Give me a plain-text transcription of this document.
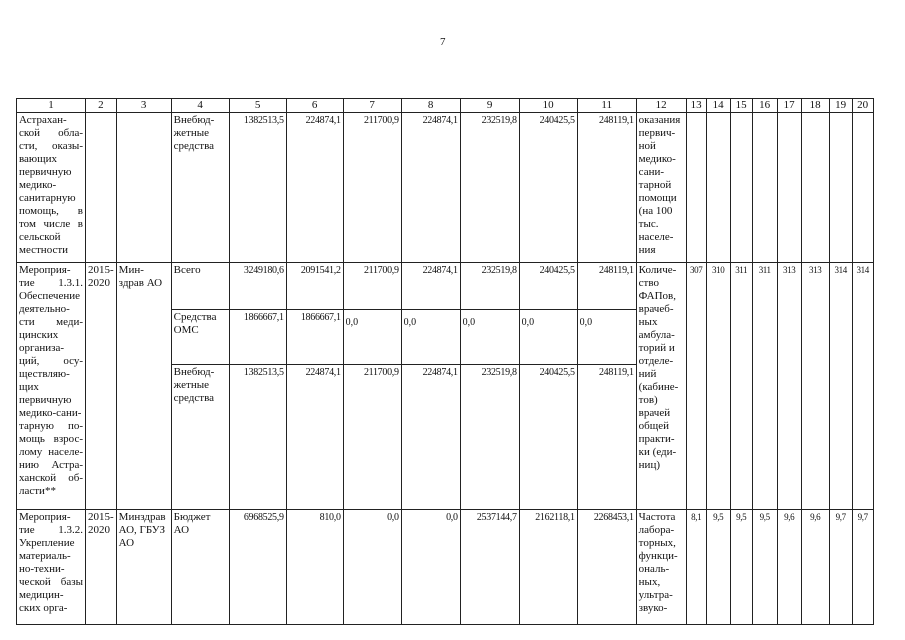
7
1	2	3	4	5	6	7	8	9	10	11	12	13	14	15	16	17	18	19	20
Астрахан-ской обла-сти, оказы-вающих первичную медико-санитарную помощь, в том числе в сельской местности			Внебюд-жетные средства	1382513,5	224874,1	211700,9	224874,1	232519,8	240425,5	248119,1	оказания первич-ной медико-сани-тарной помощи (на 100 тыс. населе-ния								
Мероприя-тие 1.3.1. Обеспечение деятельно-сти меди-цинских организа-ций, осу-ществляю-щих первичную медико-сани-тарную по-мощь взрос-лому населе-нию Астра-ханской об-ласти**	2015-2020	Мин-здрав АО	Всего	3249180,6	2091541,2	211700,9	224874,1	232519,8	240425,5	248119,1	Количе-ство ФАПов, врачеб-ных амбула-торий и отделе-ний (кабине-тов) врачей общей практи-ки (еди-ниц)	307	310	311	311	313	313	314	314
			Средства ОМС	1866667,1	1866667,1	0,0	0,0	0,0	0,0	0,0									
			Внебюд-жетные средства	1382513,5	224874,1	211700,9	224874,1	232519,8	240425,5	248119,1									
Мероприя-тие 1.3.2. Укрепление материаль-но-техни-ческой базы медицин-ских орга-	2015-2020	Минздрав АО, ГБУЗ АО	Бюджет АО	6968525,9	810,0	0,0	0,0	2537144,7	2162118,1	2268453,1	Частота лабора-торных, функци-ональ-ных, ультра-звуко-	8,1	9,5	9,5	9,5	9,6	9,6	9,7	9,7
